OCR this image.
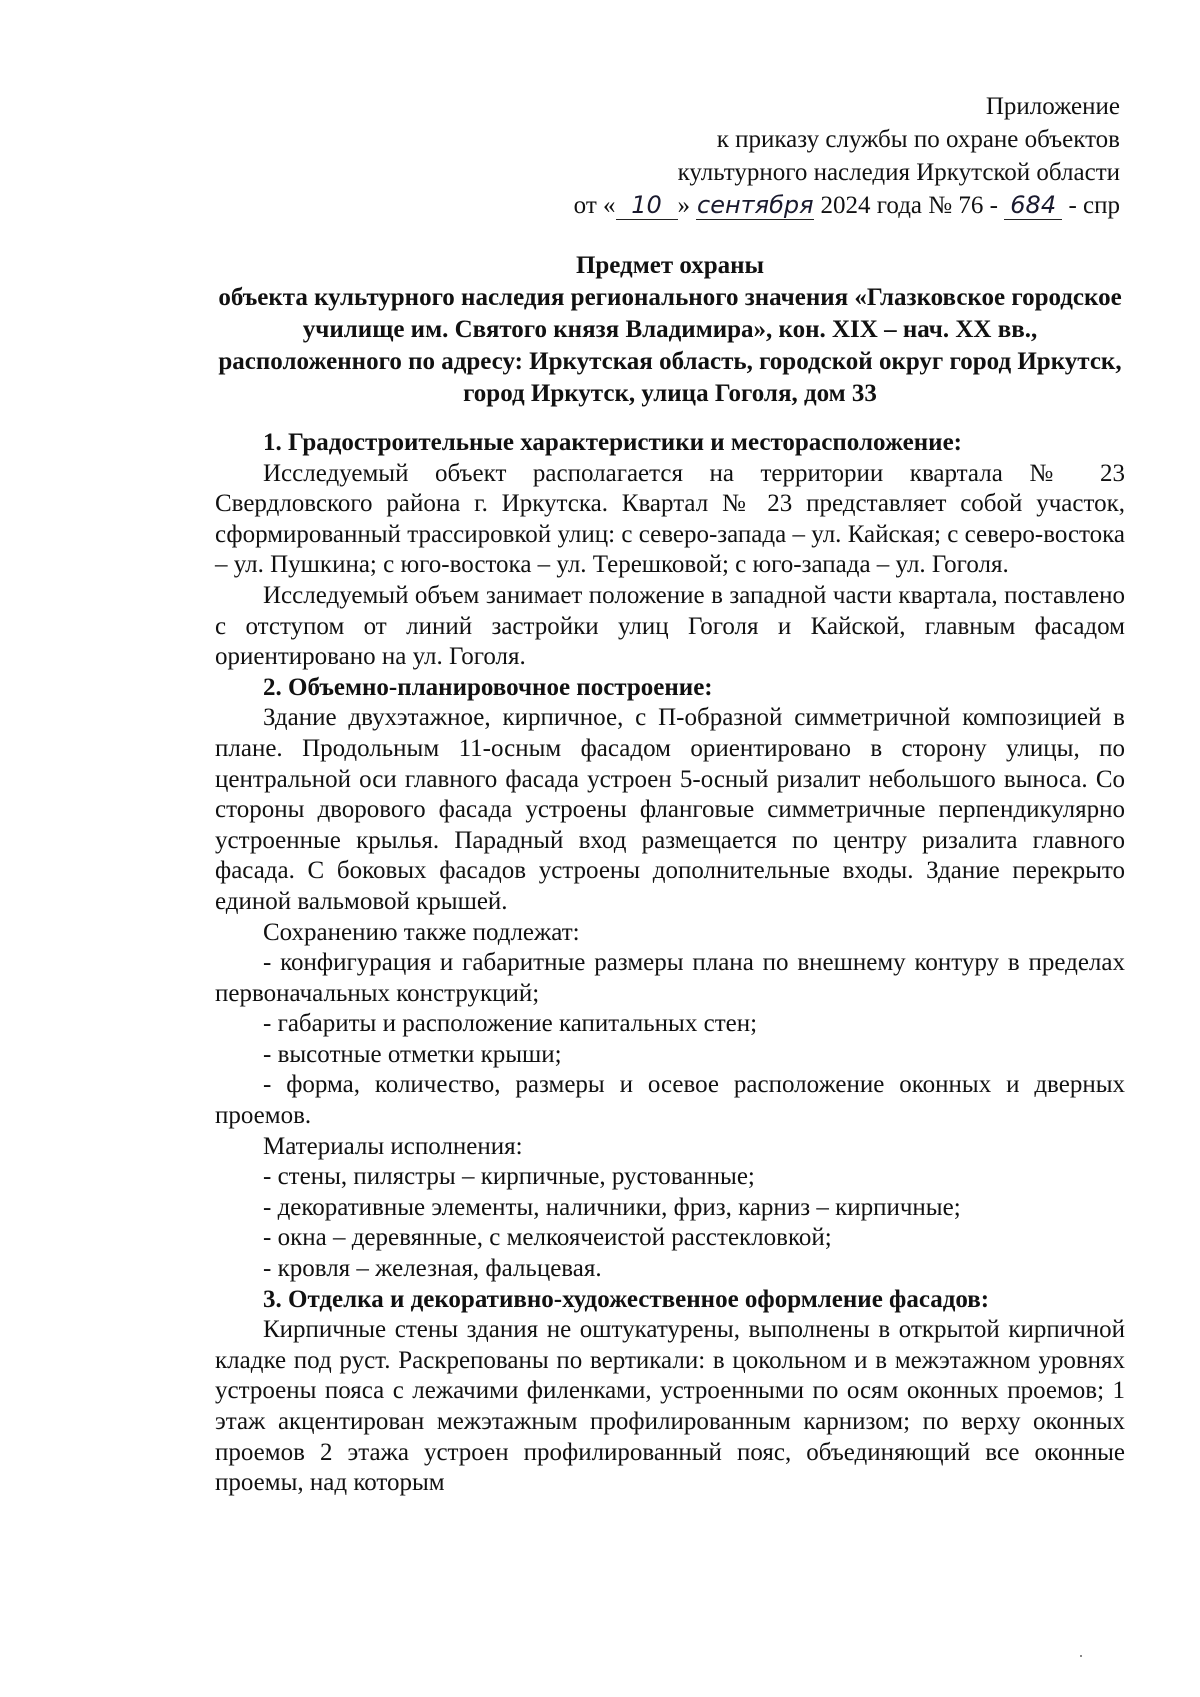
Приложение
к приказу службы по охране объектов
культурного наследия Иркутской области
от « 10 » сентября 2024 года № 76 - 684 - спр
Предмет охраны
объекта культурного наследия регионального значения «Глазковское городское училище им. Святого князя Владимира», кон. XIX – нач. XX вв., расположенного по адресу: Иркутская область, городской округ город Иркутск, город Иркутск, улица Гоголя, дом 33

1. Градостроительные характеристики и месторасположение:

Исследуемый объект располагается на территории квартала № 23 Свердловского района г. Иркутска. Квартал № 23 представляет собой участок, сформированный трассировкой улиц: с северо-запада – ул. Кайская; с северо-востока – ул. Пушкина; с юго-востока – ул. Терешковой; с юго-запада – ул. Гоголя.

Исследуемый объем занимает положение в западной части квартала, поставлено с отступом от линий застройки улиц Гоголя и Кайской, главным фасадом ориентировано на ул. Гоголя.

2. Объемно-планировочное построение:

Здание двухэтажное, кирпичное, с П-образной симметричной композицией в плане. Продольным 11-осным фасадом ориентировано в сторону улицы, по центральной оси главного фасада устроен 5-осный ризалит небольшого выноса. Со стороны дворового фасада устроены фланговые симметричные перпендикулярно устроенные крылья. Парадный вход размещается по центру ризалита главного фасада. С боковых фасадов устроены дополнительные входы. Здание перекрыто единой вальмовой крышей.

Сохранению также подлежат:

- конфигурация и габаритные размеры плана по внешнему контуру в пределах первоначальных конструкций;

- габариты и расположение капитальных стен;

- высотные отметки крыши;

- форма, количество, размеры и осевое расположение оконных и дверных проемов.

Материалы исполнения:

- стены, пилястры – кирпичные, рустованные;

- декоративные элементы, наличники, фриз, карниз – кирпичные;

- окна – деревянные, с мелкоячеистой расстекловкой;

- кровля – железная, фальцевая.

3. Отделка и декоративно-художественное оформление фасадов:

Кирпичные стены здания не оштукатурены, выполнены в открытой кирпичной кладке под руст. Раскрепованы по вертикали: в цокольном и в межэтажном уровнях устроены пояса с лежачими филенками, устроенными по осям оконных проемов; 1 этаж акцентирован межэтажным профилированным карнизом; по верху оконных проемов 2 этажа устроен профилированный пояс, объединяющий все оконные проемы, над которым
